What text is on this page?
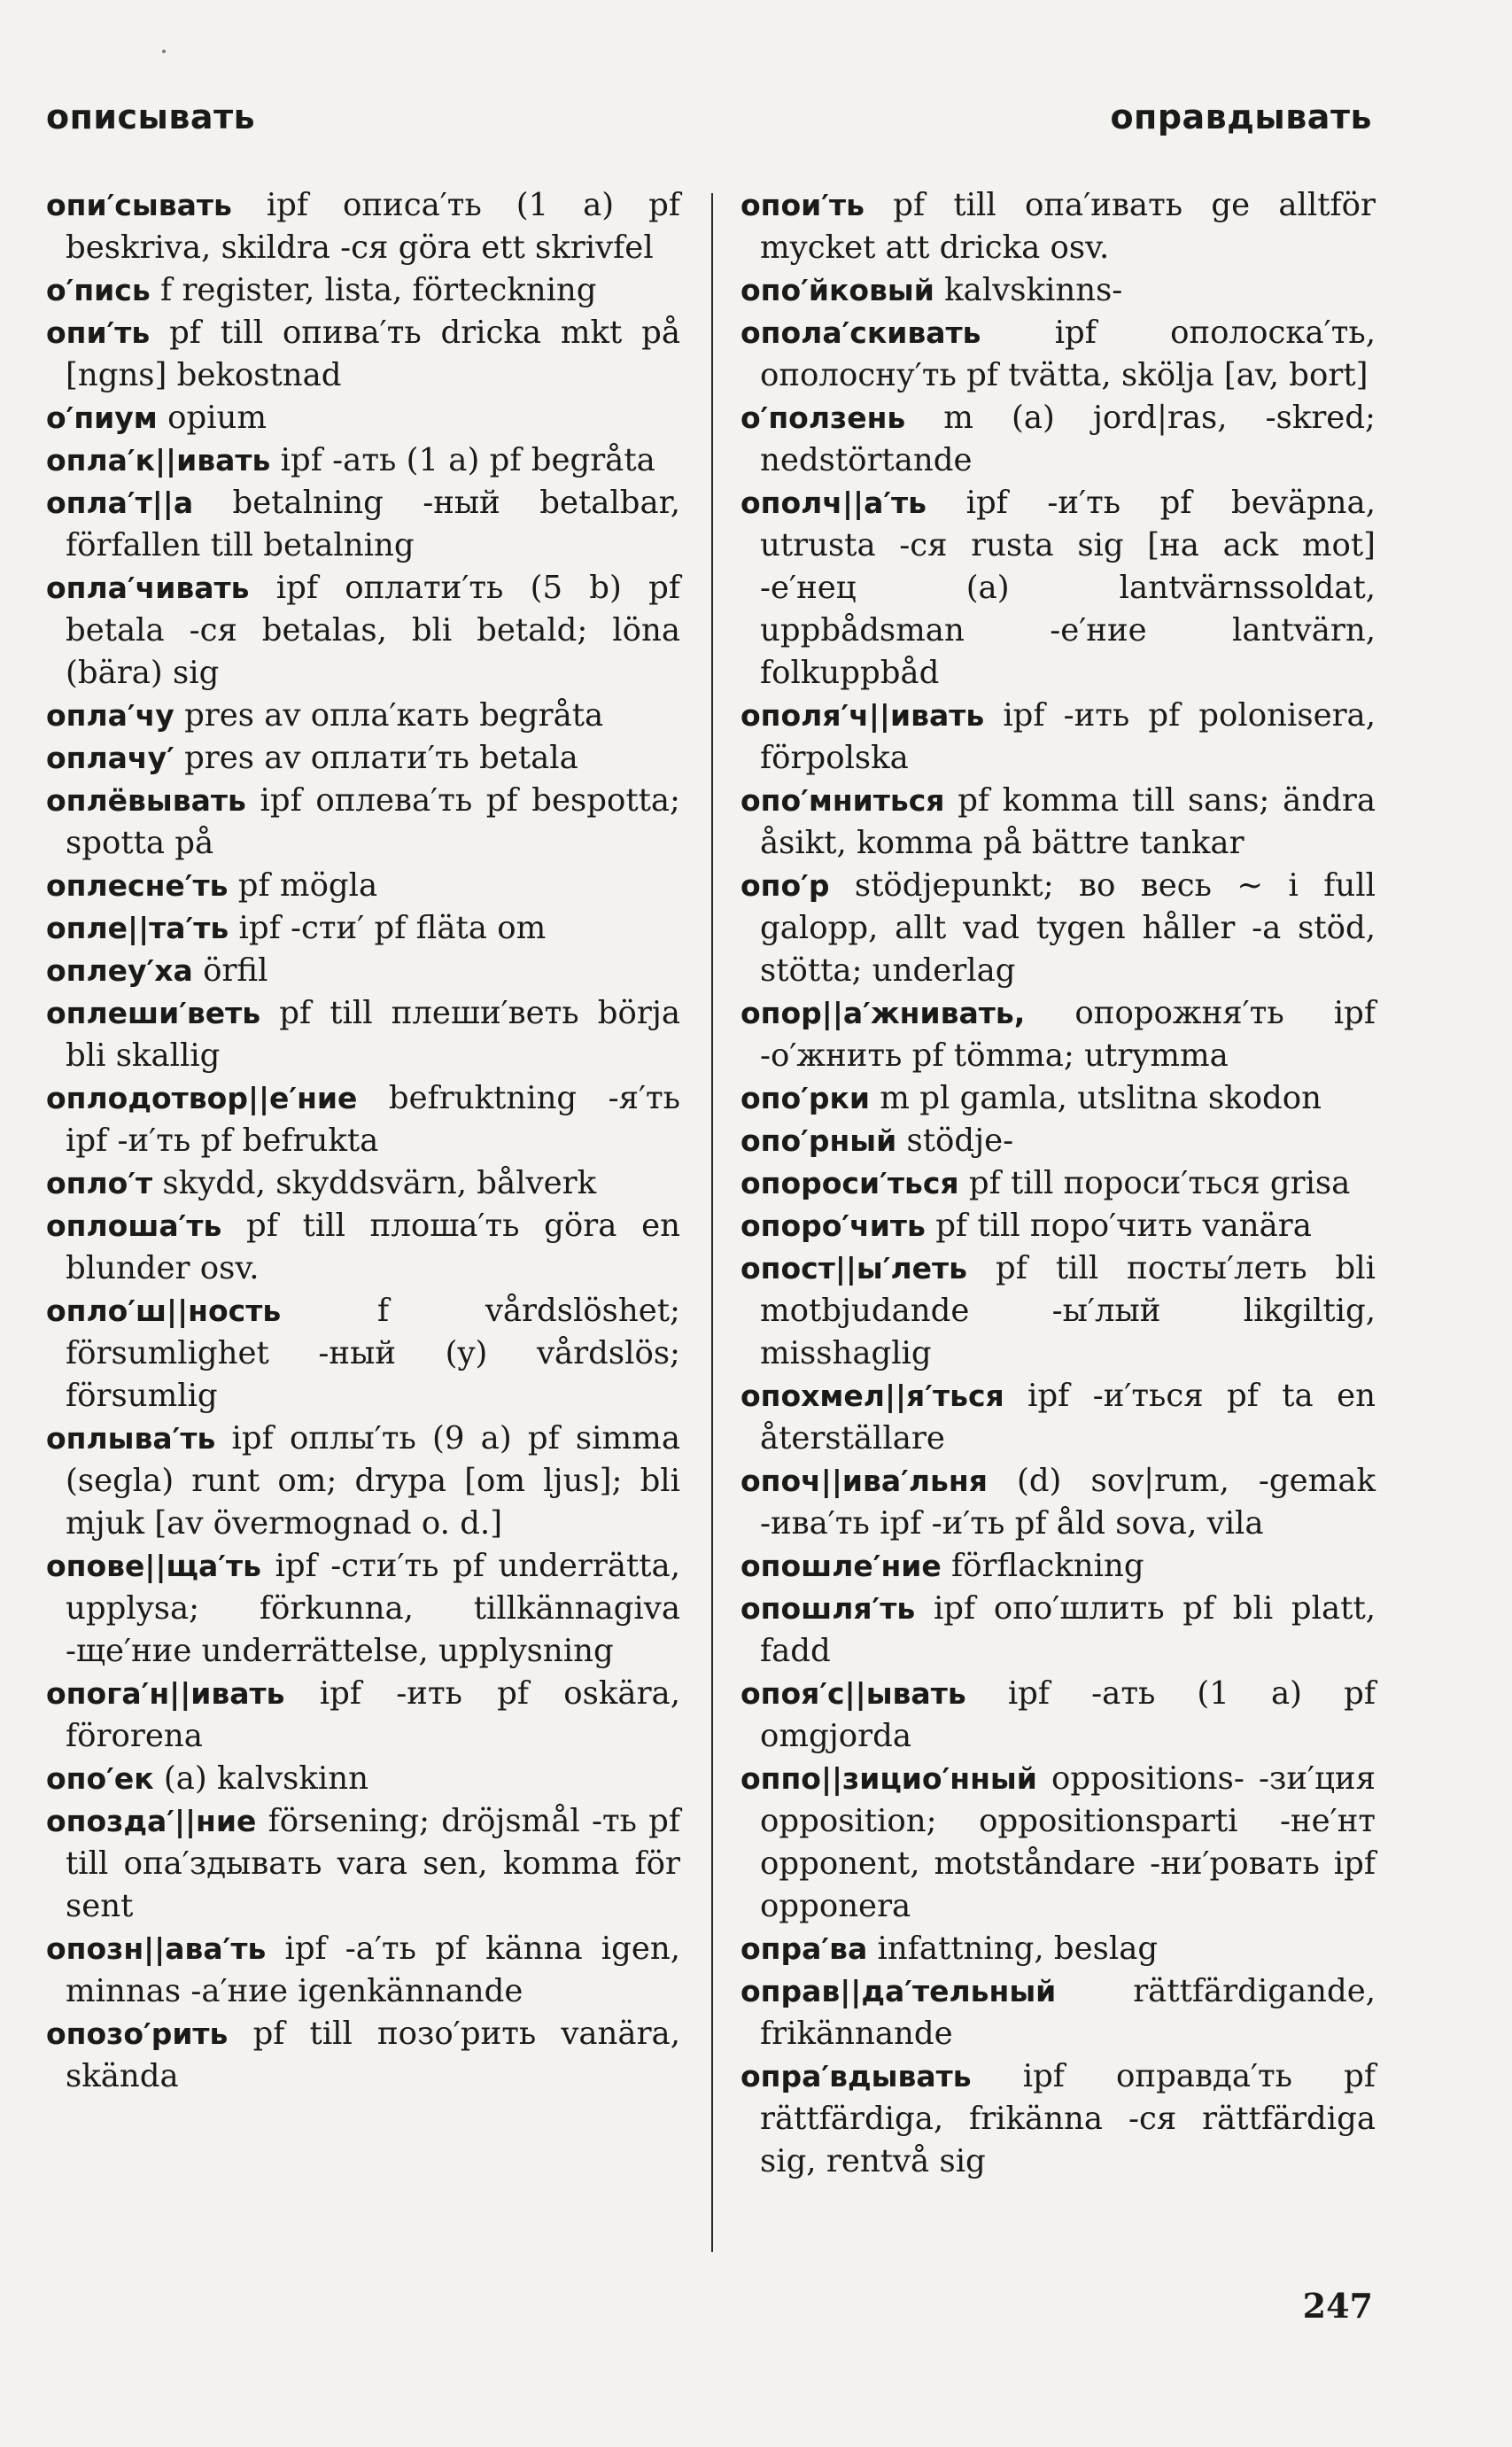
описывать	оправдывать
опи′сывать ipf описа′ть (1 a) pf beskriva, skildra -ся göra ett skrivfel
о′пись f register, lista, förteckning
опи′ть pf till опива′ть dricka mkt på [ngns] bekostnad
о′пиум opium
опла′к||ивать ipf -ать (1 a) pf begråta
опла′т||а betalning -ный betalbar, förfallen till betalning
опла′чивать ipf оплати′ть (5 b) pf betala -ся betalas, bli betald; löna (bära) sig
опла′чу pres av опла′кать begråta
оплачу′ pres av оплати′ть betala
оплёвывать ipf оплева′ть pf bespotta; spotta på
оплесне′ть pf mögla
опле||та′ть ipf -сти′ pf fläta om
оплеу′ха örfil
оплеши′веть pf till плеши′веть börja bli skallig
оплодотвор||е′ние befruktning -я′ть ipf -и′ть pf befrukta
оплo′т skydd, skyddsvärn, bålverk
оплоша′ть pf till плоша′ть göra en blunder osv.
оплo′ш||ность f vårdslöshet; försumlighet -ный (y) vårdslös; försumlig
оплыва′ть ipf оплы′ть (9 a) pf simma (segla) runt om; drypa [om ljus]; bli mjuk [av övermognad o. d.]
опове||ща′ть ipf -сти′ть pf underrätta, upplysa; förkunna, tillkännagiva -ще′ние underrättelse, upplysning
опога′н||ивать ipf -ить pf oskära, förorena
опо′ек (a) kalvskinn
опозда′||ние försening; dröjsmål -ть pf till опа′здывать vara sen, komma för sent
опозн||ава′ть ipf -а′ть pf känna igen, minnas -а′ние igenkännande
опозо′рить pf till позо′рить vanära, skända
опои′ть pf till опа′ивать ge alltför mycket att dricka osv.
опо′йковый kalvskinns-
опола′скивать ipf ополоска′ть, ополосну′ть pf tvätta, skölja [av, bort]
о′ползень m (a) jord|ras, -skred; nedstörtande
ополч||а′ть ipf -и′ть pf beväpna, utrusta -ся rusta sig [на ack mot] -е′нец (a) lantvärnssoldat, uppbådsman -е′ние lantvärn, folkuppbåd
ополя′ч||ивать ipf -ить pf polonisera, förpolska
опо′мниться pf komma till sans; ändra åsikt, komma på bättre tankar
опо′р stödjepunkt; во весь ~ i full galopp, allt vad tygen håller -а stöd, stötta; underlag
опор||а′жнивать, опорожня′ть ipf -о′жнить pf tömma; utrymma
опо′рки m pl gamla, utslitna skodon
опо′рный stödje-
опороси′ться pf till пороси′ться grisa
опоро′чить pf till поро′чить vanära
опост||ы′леть pf till посты′леть bli motbjudande -ы′лый likgiltig, misshaglig
опохмел||я′ться ipf -и′ться pf ta en återställare
опоч||ива′льня (d) sov|rum, -gemak -ива′ть ipf -и′ть pf åld sova, vila
опошле′ние förflackning
опошля′ть ipf опо′шлить pf bli platt, fadd
опоя′с||ывать ipf -ать (1 a) pf omgjorda
оппо||зицио′нный oppositions- -зи′ция opposition; oppositionsparti -не′нт opponent, motståndare -ни′ровать ipf opponera
опра′ва infattning, beslag
оправ||да′тельный rättfärdigande, frikännande
опра′вдывать ipf оправда′ть pf rättfärdiga, frikänna -ся rättfärdiga sig, rentvå sig
247
